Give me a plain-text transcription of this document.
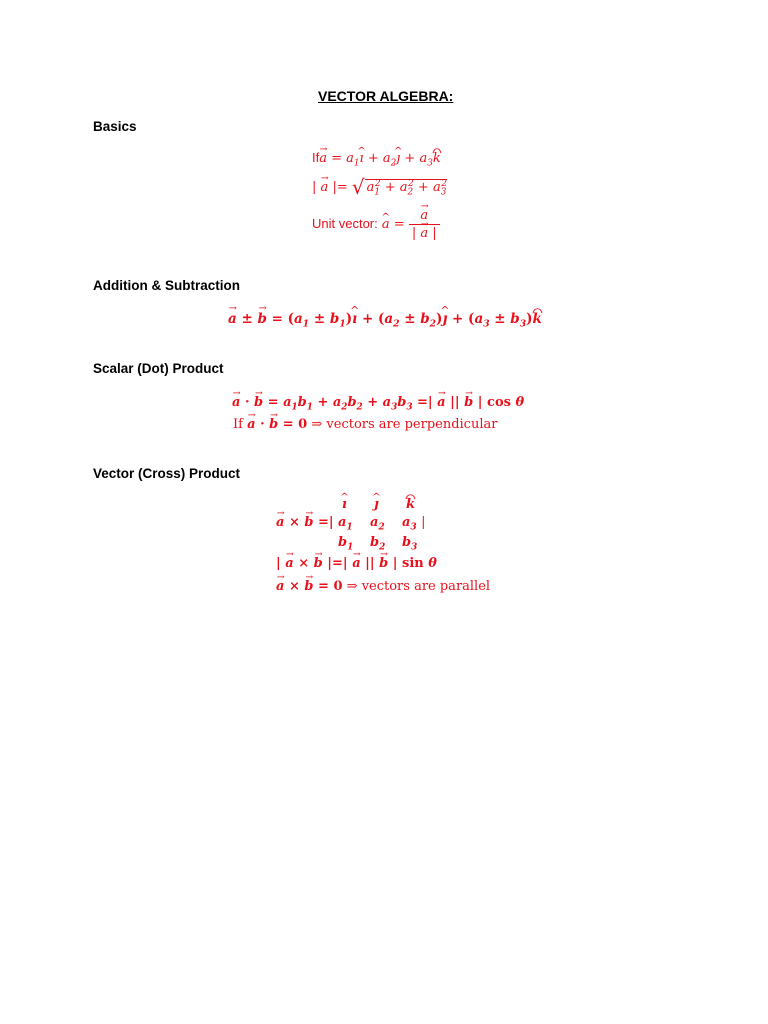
VECTOR ALGEBRA:
Basics
$If\to a = a_1\^{}$ ı + $a_2\^{}$ ȷ + $a_3k$
| → a |= √ $a_1^2 + a_2^2 + a_3^2$
Unit vector: ^ a = → $\frac{a}{| \to a |}$
Addition & Subtraction
→ a ± → $b = (a_1$ ± $b_1)\^{}$ ı + ($a_2$ ± $b_2)\^{}$ ȷ + $(a_3 \pm b_3)k$
Scalar (Dot) Product
→ a · → $b = a_1b_1 + a_2b_2 + a_3b_3$ =| → a || → b | cos θ
If → a · → b = 0 ⇒ vectors are perpendicular
Vector (Cross) Product
^ ı ^ ȷ k
→ a × → b =| $a_1$ $a_2$ $a_3$ |
$b_1$ $b_2$ $b_3$
| → a × → b |=| → a || → b | sin θ
→ a × → b = 0 ⇒ vectors are parallel
